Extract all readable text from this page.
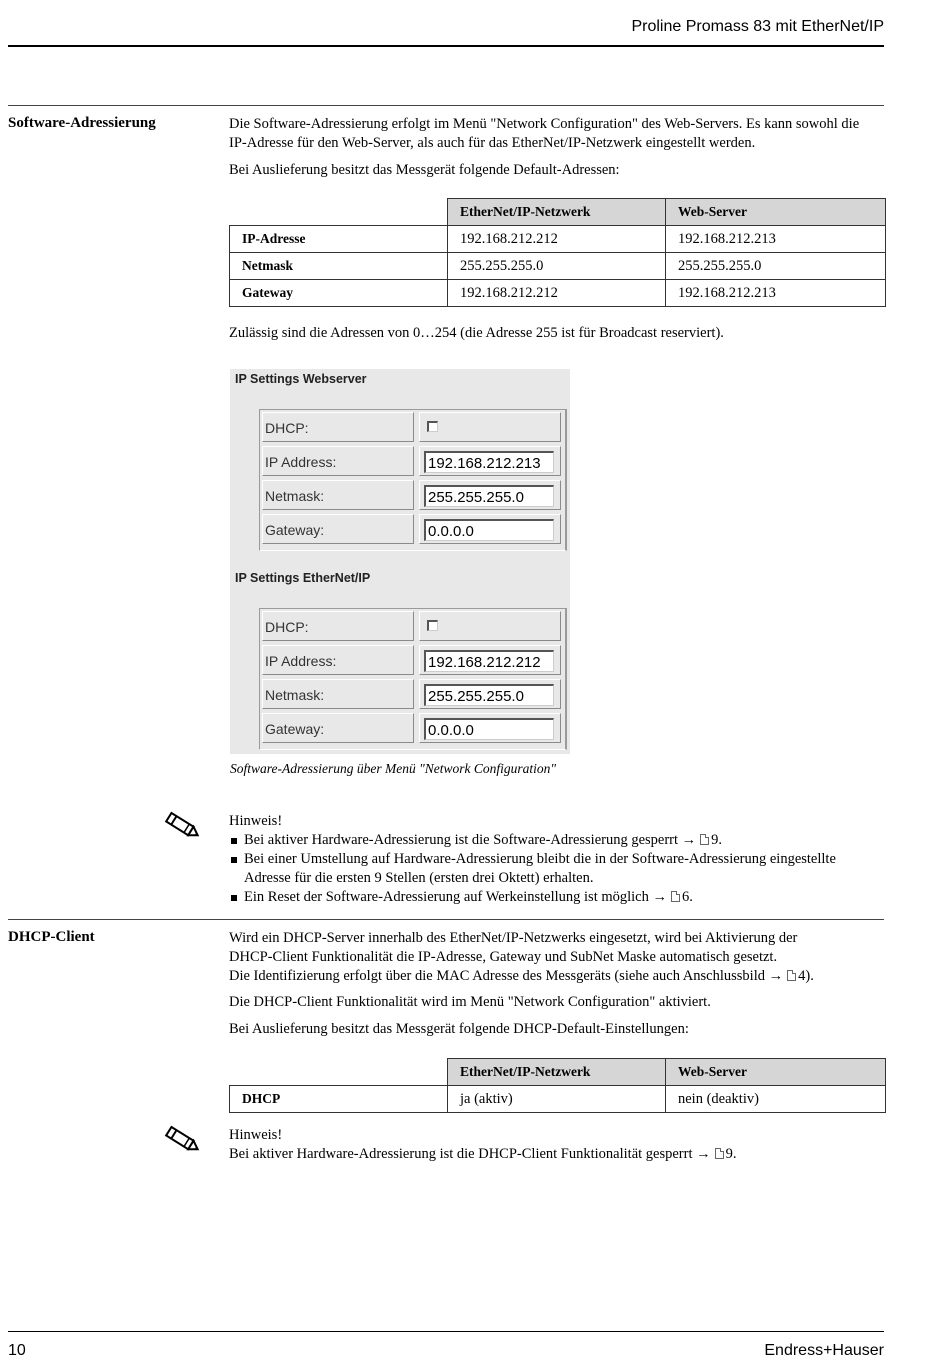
Proline Promass 83 mit EtherNet/IP
Software-Adressierung	Die Software-Adressierung erfolgt im Menü "Network Configuration" des Web-Servers. Es kann sowohl die

IP-Adresse für den Web-Server, als auch für das EtherNet/IP-Netzwerk eingestellt werden.

Bei Auslieferung besitzt das Messgerät folgende Default-Adressen:
	EtherNet/IP-Netzwerk	Web-Server
IP-Adresse	192.168.212.212	192.168.212.213
Netmask	255.255.255.0	255.255.255.0
Gateway	192.168.212.212	192.168.212.213
Zulässig sind die Adressen von 0…254 (die Adresse 255 ist für Broadcast reserviert).
IP Settings Webserver
DHCP:
IP Address:	192.168.212.213
Netmask:	255.255.255.0
Gateway:	0.0.0.0
IP Settings EtherNet/IP
DHCP:
IP Address:	192.168.212.212
Netmask:	255.255.255.0
Gateway:	0.0.0.0
Software-Adressierung über Menü "Network Configuration"
Hinweis!
Bei aktiver Hardware-Adressierung ist die Software-Adressierung gesperrt → 9.
Bei einer Umstellung auf Hardware-Adressierung bleibt die in der Software-Adressierung eingestellte
Adresse für die ersten 9 Stellen (ersten drei Oktett) erhalten.
Ein Reset der Software-Adressierung auf Werkeinstellung ist möglich → 6.
DHCP-Client	Wird ein DHCP-Server innerhalb des EtherNet/IP-Netzwerks eingesetzt, wird bei Aktivierung der

DHCP-Client Funktionalität die IP-Adresse, Gateway und SubNet Maske automatisch gesetzt.

Die Identifizierung erfolgt über die MAC Adresse des Messgeräts (siehe auch Anschlussbild → 4).

Die DHCP-Client Funktionalität wird im Menü "Network Configuration" aktiviert.
Bei Auslieferung besitzt das Messgerät folgende DHCP-Default-Einstellungen:
	EtherNet/IP-Netzwerk	Web-Server
DHCP	ja (aktiv)	nein (deaktiv)
Hinweis!
Bei aktiver Hardware-Adressierung ist die DHCP-Client Funktionalität gesperrt → 9.
10	Endress+Hauser
